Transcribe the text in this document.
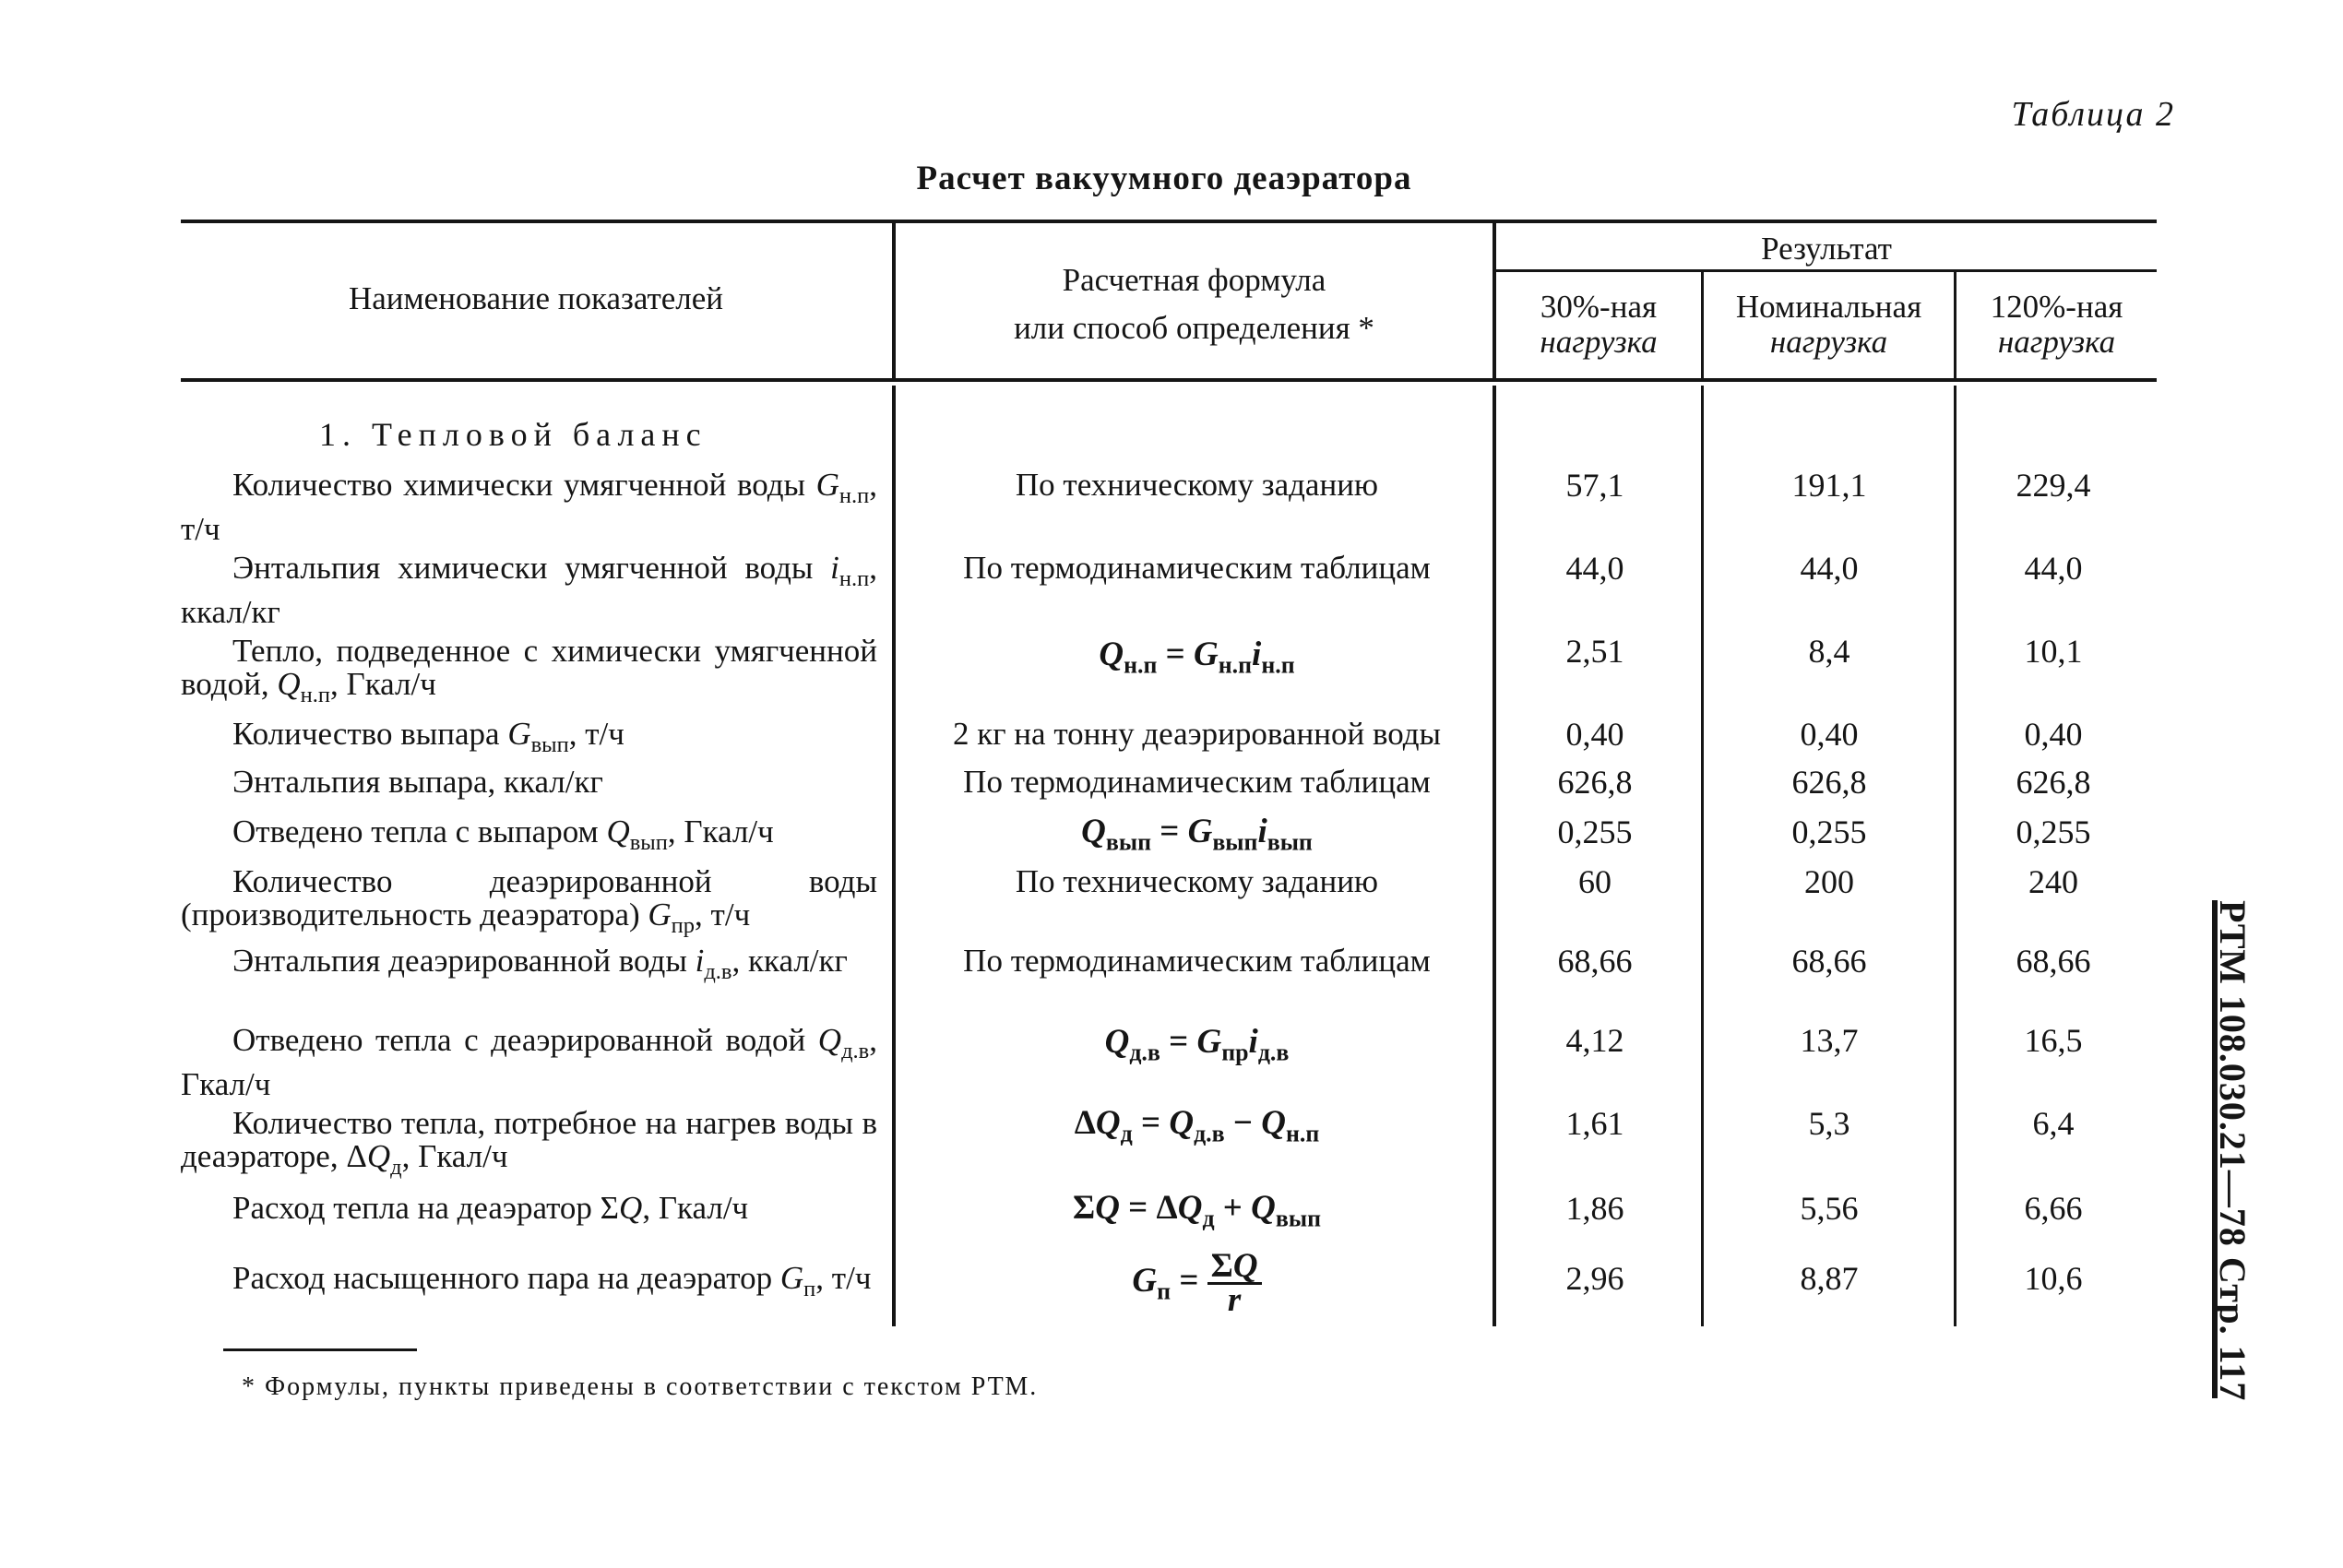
Таблица 2
Расчет вакуумного деаэратора
Наименование показателей
Расчетная формула
или способ определения *
Результат
30%-ная
нагрузка
Номинальная
нагрузка
120%-ная
нагрузка
1. Тепловой баланс
Количество химически умягченной воды $G_{н.п}$, т/ч
По техническому заданию	57,1	191,1	229,4
Энтальпия химически умягченной воды $i_{н.п}$, ккал/кг
По термодинамическим таблицам	44,0	44,0	44,0
Тепло, подведенное с химически умягченной водой, $Q_{н.п}$, Гкал/ч
$Q_{н.п} = G_{н.п}i_{н.п}$	2,51	8,4	10,1
Количество выпара $G_{вып}$, т/ч	2 кг на тонну деаэрированной воды	0,40	0,40	0,40
Энтальпия выпара, ккал/кг	По термодинамическим таблицам	626,8	626,8	626,8
Отведено тепла с выпаром $Q_{вып}$, Гкал/ч	$Q_{вып} = G_{вып}i_{вып}$	0,255	0,255	0,255
Количество деаэрированной воды (производительность деаэратора) $G_{пр}$, т/ч
По техническому заданию	60	200	240
Энтальпия деаэрированной воды $i_{д.в}$, ккал/кг	По термодинамическим таблицам	68,66	68,66	68,66
Отведено тепла с деаэрированной водой $Q_{д.в}$, Гкал/ч
$Q_{д.в} = G_{пр}i_{д.в}$	4,12	13,7	16,5
Количество тепла, потребное на нагрев воды в деаэраторе, $\Delta Q_д$, Гкал/ч
$\Delta Q_д = Q_{д.в} - Q_{н.п}$	1,61	5,3	6,4
Расход тепла на деаэратор ΣQ, Гкал/ч	$\Sigma Q = \Delta Q_д + Q_{вып}$	1,86	5,56	6,66
Расход насыщенного пара на деаэратор $G_п$, т/ч	$G_п = \frac{\Sigma Q}{r}$	2,96	8,87	10,6
* Формулы, пункты приведены в соответствии с текстом РТМ.	РТМ 108.030.21—78 Стр. 117
